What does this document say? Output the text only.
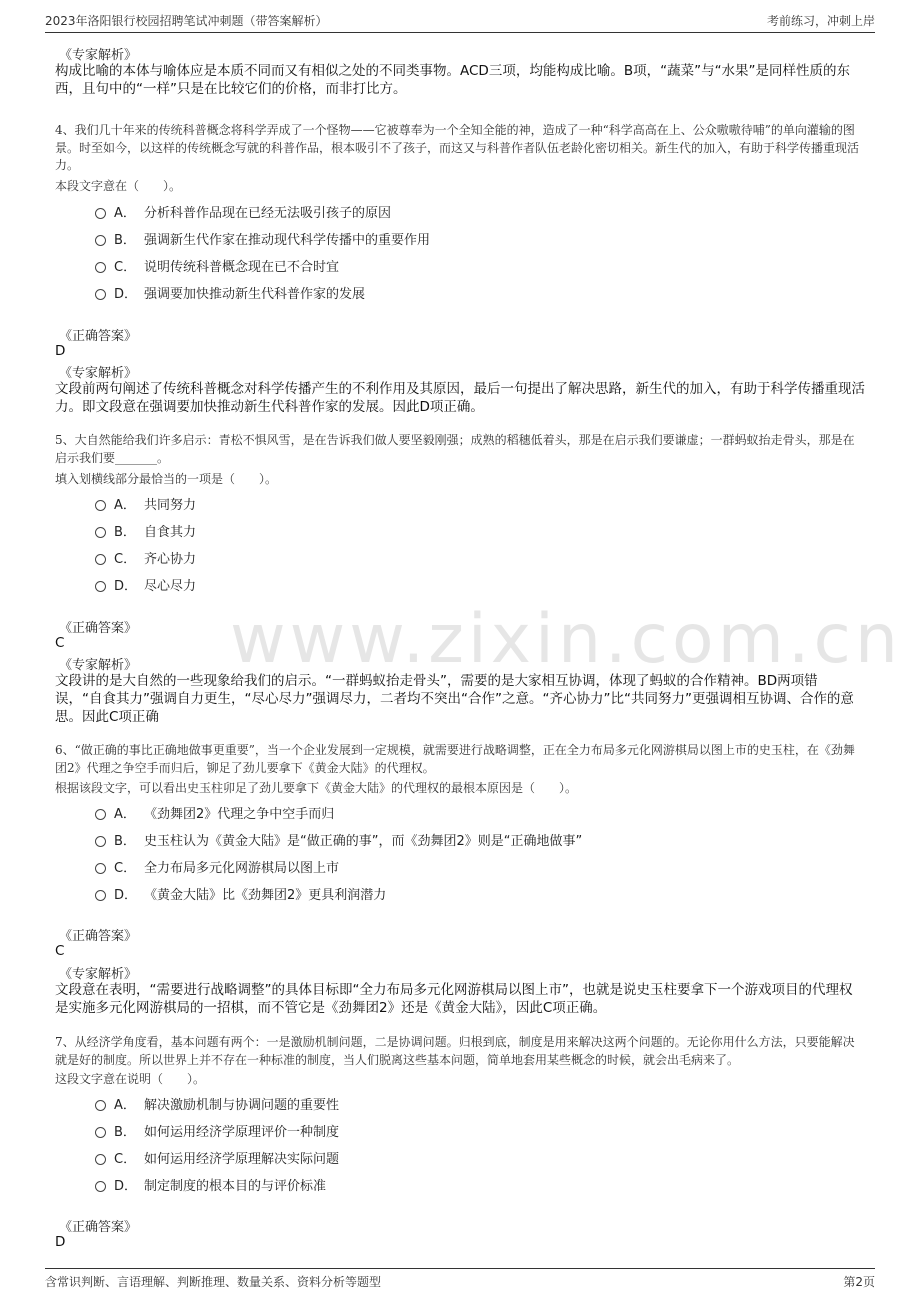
2023年洛阳银行校园招聘笔试冲刺题（带答案解析）	考前练习，冲刺上岸
www.zixin.com.cn
《专家解析》
构成比喻的本体与喻体应是本质不同而又有相似之处的不同类事物。ACD三项，均能构成比喻。B项，“蔬菜”与“水果”是同样性质的东西，且句中的“一样”只是在比较它们的价格，而非打比方。
4、我们几十年来的传统科普概念将科学弄成了一个怪物——它被尊奉为一个全知全能的神，造成了一种“科学高高在上、公众嗷嗷待哺”的单向灌输的图景。时至如今，以这样的传统概念写就的科普作品，根本吸引不了孩子，而这又与科普作者队伍老龄化密切相关。新生代的加入，有助于科学传播重现活力。
本段文字意在（　　）。
A． 分析科普作品现在已经无法吸引孩子的原因
B． 强调新生代作家在推动现代科学传播中的重要作用
C． 说明传统科普概念现在已不合时宜
D． 强调要加快推动新生代科普作家的发展
《正确答案》
D
《专家解析》
文段前两句阐述了传统科普概念对科学传播产生的不利作用及其原因，最后一句提出了解决思路，新生代的加入，有助于科学传播重现活力。即文段意在强调要加快推动新生代科普作家的发展。因此D项正确。
5、大自然能给我们许多启示：青松不惧风雪，是在告诉我们做人要坚毅刚强；成熟的稻穗低着头，那是在启示我们要谦虚；一群蚂蚁抬走骨头，那是在启示我们要_______。
填入划横线部分最恰当的一项是（　　）。
A． 共同努力
B． 自食其力
C． 齐心协力
D． 尽心尽力
《正确答案》
C
《专家解析》
文段讲的是大自然的一些现象给我们的启示。“一群蚂蚁抬走骨头”，需要的是大家相互协调，体现了蚂蚁的合作精神。BD两项错误，“自食其力”强调自力更生，“尽心尽力”强调尽力，二者均不突出“合作”之意。“齐心协力”比“共同努力”更强调相互协调、合作的意思。因此C项正确
6、“做正确的事比正确地做事更重要”，当一个企业发展到一定规模，就需要进行战略调整，正在全力布局多元化网游棋局以图上市的史玉柱，在《劲舞团2》代理之争空手而归后，铆足了劲儿要拿下《黄金大陆》的代理权。
根据该段文字，可以看出史玉柱卯足了劲儿要拿下《黄金大陆》的代理权的最根本原因是（　　）。
A． 《劲舞团2》代理之争中空手而归
B． 史玉柱认为《黄金大陆》是“做正确的事”，而《劲舞团2》则是“正确地做事”
C． 全力布局多元化网游棋局以图上市
D． 《黄金大陆》比《劲舞团2》更具利润潜力
《正确答案》
C
《专家解析》
文段意在表明，“需要进行战略调整”的具体目标即“全力布局多元化网游棋局以图上市”，也就是说史玉柱要拿下一个游戏项目的代理权是实施多元化网游棋局的一招棋，而不管它是《劲舞团2》还是《黄金大陆》，因此C项正确。
7、从经济学角度看，基本问题有两个：一是激励机制问题，二是协调问题。归根到底，制度是用来解决这两个问题的。无论你用什么方法，只要能解决就是好的制度。所以世界上并不存在一种标准的制度，当人们脱离这些基本问题，简单地套用某些概念的时候，就会出毛病来了。
这段文字意在说明（　　）。
A． 解决激励机制与协调问题的重要性
B． 如何运用经济学原理评价一种制度
C． 如何运用经济学原理解决实际问题
D． 制定制度的根本目的与评价标准
《正确答案》
D
含常识判断、言语理解、判断推理、数量关系、资料分析等题型	第2页
